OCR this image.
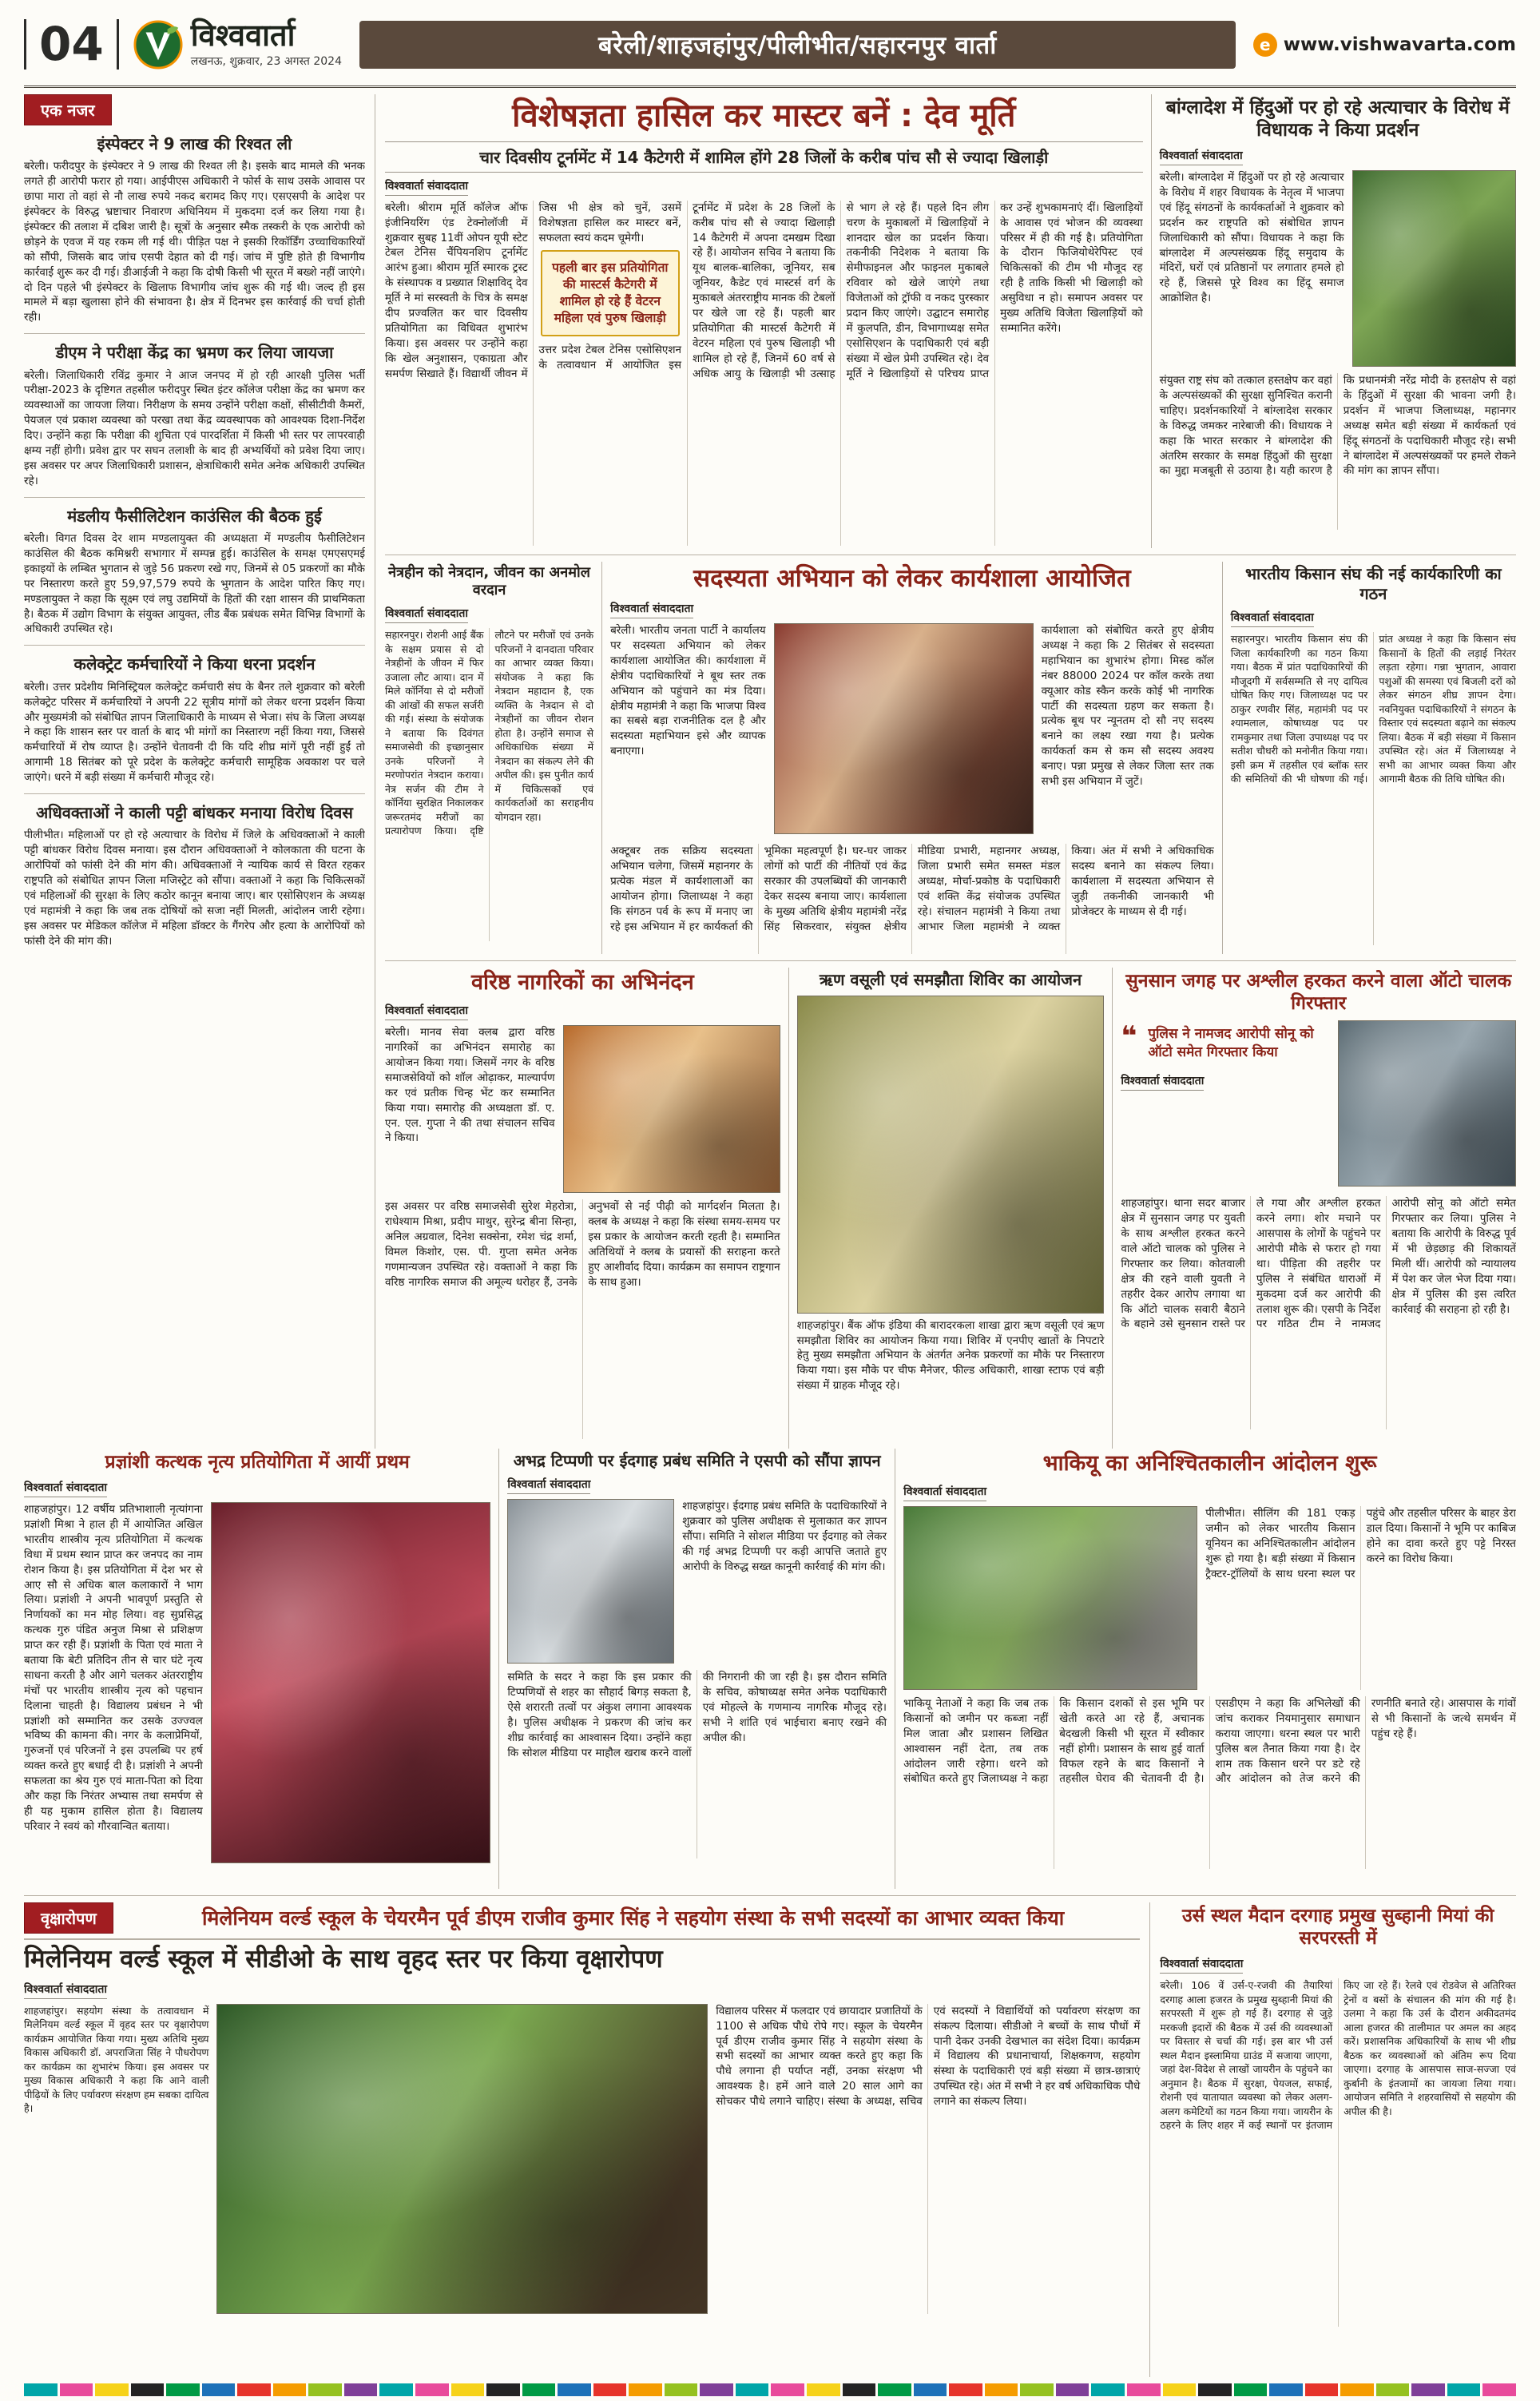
04	विश्ववार्ता
लखनऊ, शुक्रवार, 23 अगस्त 2024
बरेली/शाहजहांपुर/पीलीभीत/सहारनपुर वार्ता	e www.vishwavarta.com
एक नजर
इंस्पेक्टर ने 9 लाख की रिश्वत ली

बरेली। फरीदपुर के इंस्पेक्टर ने 9 लाख की रिश्वत ली है। इसके बाद मामले की भनक लगते ही आरोपी फरार हो गया। आईपीएस अधिकारी ने फोर्स के साथ उसके आवास पर छापा मारा तो वहां से नौ लाख रुपये नकद बरामद किए गए। एसएसपी के आदेश पर इंस्पेक्टर के विरुद्ध भ्रष्टाचार निवारण अधिनियम में मुकदमा दर्ज कर लिया गया है। इंस्पेक्टर की तलाश में दबिश जारी है। सूत्रों के अनुसार स्मैक तस्करी के एक आरोपी को छोड़ने के एवज में यह रकम ली गई थी। पीड़ित पक्ष ने इसकी रिकॉर्डिंग उच्चाधिकारियों को सौंपी, जिसके बाद जांच एसपी देहात को दी गई। जांच में पुष्टि होते ही विभागीय कार्रवाई शुरू कर दी गई। डीआईजी ने कहा कि दोषी किसी भी सूरत में बख्शे नहीं जाएंगे। दो दिन पहले भी इंस्पेक्टर के खिलाफ विभागीय जांच शुरू की गई थी। जल्द ही इस मामले में बड़ा खुलासा होने की संभावना है। क्षेत्र में दिनभर इस कार्रवाई की चर्चा होती रही।

डीएम ने परीक्षा केंद्र का भ्रमण कर लिया जायजा

बरेली। जिलाधिकारी रविंद्र कुमार ने आज जनपद में हो रही आरक्षी पुलिस भर्ती परीक्षा-2023 के दृष्टिगत तहसील फरीदपुर स्थित इंटर कॉलेज परीक्षा केंद्र का भ्रमण कर व्यवस्थाओं का जायजा लिया। निरीक्षण के समय उन्होंने परीक्षा कक्षों, सीसीटीवी कैमरों, पेयजल एवं प्रकाश व्यवस्था को परखा तथा केंद्र व्यवस्थापक को आवश्यक दिशा-निर्देश दिए। उन्होंने कहा कि परीक्षा की शुचिता एवं पारदर्शिता में किसी भी स्तर पर लापरवाही क्षम्य नहीं होगी। प्रवेश द्वार पर सघन तलाशी के बाद ही अभ्यर्थियों को प्रवेश दिया जाए। इस अवसर पर अपर जिलाधिकारी प्रशासन, क्षेत्राधिकारी समेत अनेक अधिकारी उपस्थित रहे।

मंडलीय फैसीलिटेशन काउंसिल की बैठक हुई

बरेली। विगत दिवस देर शाम मण्डलायुक्त की अध्यक्षता में मण्डलीय फैसीलिटेशन काउंसिल की बैठक कमिश्नरी सभागार में सम्पन्न हुई। काउंसिल के समक्ष एमएसएमई इकाइयों के लम्बित भुगतान से जुड़े 56 प्रकरण रखे गए, जिनमें से 05 प्रकरणों का मौके पर निस्तारण करते हुए 59,97,579 रुपये के भुगतान के आदेश पारित किए गए। मण्डलायुक्त ने कहा कि सूक्ष्म एवं लघु उद्यमियों के हितों की रक्षा शासन की प्राथमिकता है। बैठक में उद्योग विभाग के संयुक्त आयुक्त, लीड बैंक प्रबंधक समेत विभिन्न विभागों के अधिकारी उपस्थित रहे।

कलेक्ट्रेट कर्मचारियों ने किया धरना प्रदर्शन

बरेली। उत्तर प्रदेशीय मिनिस्ट्रियल कलेक्ट्रेट कर्मचारी संघ के बैनर तले शुक्रवार को बरेली कलेक्ट्रेट परिसर में कर्मचारियों ने अपनी 22 सूत्रीय मांगों को लेकर धरना प्रदर्शन किया और मुख्यमंत्री को संबोधित ज्ञापन जिलाधिकारी के माध्यम से भेजा। संघ के जिला अध्यक्ष ने कहा कि शासन स्तर पर वार्ता के बाद भी मांगों का निस्तारण नहीं किया गया, जिससे कर्मचारियों में रोष व्याप्त है। उन्होंने चेतावनी दी कि यदि शीघ्र मांगें पूरी नहीं हुईं तो आगामी 18 सितंबर को पूरे प्रदेश के कलेक्ट्रेट कर्मचारी सामूहिक अवकाश पर चले जाएंगे। धरने में बड़ी संख्या में कर्मचारी मौजूद रहे।

अधिवक्ताओं ने काली पट्टी बांधकर मनाया विरोध दिवस

पीलीभीत। महिलाओं पर हो रहे अत्याचार के विरोध में जिले के अधिवक्ताओं ने काली पट्टी बांधकर विरोध दिवस मनाया। इस दौरान अधिवक्ताओं ने कोलकाता की घटना के आरोपियों को फांसी देने की मांग की। अधिवक्ताओं ने न्यायिक कार्य से विरत रहकर राष्ट्रपति को संबोधित ज्ञापन जिला मजिस्ट्रेट को सौंपा। वक्ताओं ने कहा कि चिकित्सकों एवं महिलाओं की सुरक्षा के लिए कठोर कानून बनाया जाए। बार एसोसिएशन के अध्यक्ष एवं महामंत्री ने कहा कि जब तक दोषियों को सजा नहीं मिलती, आंदोलन जारी रहेगा। इस अवसर पर मेडिकल कॉलेज में महिला डॉक्टर के गैंगरेप और हत्या के आरोपियों को फांसी देने की मांग की।

विशेषज्ञता हासिल कर मास्टर बनें : देव मूर्ति
चार दिवसीय टूर्नामेंट में 14 कैटेगरी में शामिल होंगे 28 जिलों के करीब पांच सौ से ज्यादा खिलाड़ी
विश्ववार्ता संवाददाता
बरेली। श्रीराम मूर्ति कॉलेज ऑफ इंजीनियरिंग एंड टेक्नोलॉजी में शुक्रवार सुबह 11वीं ओपन यूपी स्टेट टेबल टेनिस चैंपियनशिप टूर्नामेंट आरंभ हुआ। श्रीराम मूर्ति स्मारक ट्रस्ट के संस्थापक व प्रख्यात शिक्षाविद् देव मूर्ति ने मां सरस्वती के चित्र के समक्ष दीप प्रज्वलित कर चार दिवसीय प्रतियोगिता का विधिवत शुभारंभ किया। इस अवसर पर उन्होंने कहा कि खेल अनुशासन, एकाग्रता और समर्पण सिखाते हैं। विद्यार्थी जीवन में जिस भी क्षेत्र को चुनें, उसमें विशेषज्ञता हासिल कर मास्टर बनें, सफलता स्वयं कदम चूमेगी।
पहली बार इस प्रतियोगिता की मास्टर्स कैटेगरी में शामिल हो रहे हैं वेटरन महिला एवं पुरुष खिलाड़ी
उत्तर प्रदेश टेबल टेनिस एसोसिएशन के तत्वावधान में आयोजित इस टूर्नामेंट में प्रदेश के 28 जिलों के करीब पांच सौ से ज्यादा खिलाड़ी 14 कैटेगरी में अपना दमखम दिखा रहे हैं। आयोजन सचिव ने बताया कि यूथ बालक-बालिका, जूनियर, सब जूनियर, कैडेट एवं मास्टर्स वर्ग के मुकाबले अंतरराष्ट्रीय मानक की टेबलों पर खेले जा रहे हैं। पहली बार प्रतियोगिता की मास्टर्स कैटेगरी में वेटरन महिला एवं पुरुष खिलाड़ी भी शामिल हो रहे हैं, जिनमें 60 वर्ष से अधिक आयु के खिलाड़ी भी उत्साह से भाग ले रहे हैं। पहले दिन लीग चरण के मुकाबलों में खिलाड़ियों ने शानदार खेल का प्रदर्शन किया। तकनीकी निदेशक ने बताया कि सेमीफाइनल और फाइनल मुकाबले रविवार को खेले जाएंगे तथा विजेताओं को ट्रॉफी व नकद पुरस्कार प्रदान किए जाएंगे। उद्घाटन समारोह में कुलपति, डीन, विभागाध्यक्ष समेत एसोसिएशन के पदाधिकारी एवं बड़ी संख्या में खेल प्रेमी उपस्थित रहे। देव मूर्ति ने खिलाड़ियों से परिचय प्राप्त कर उन्हें शुभकामनाएं दीं। खिलाड़ियों के आवास एवं भोजन की व्यवस्था परिसर में ही की गई है। प्रतियोगिता के दौरान फिजियोथेरेपिस्ट एवं चिकित्सकों की टीम भी मौजूद रह रही है ताकि किसी भी खिलाड़ी को असुविधा न हो। समापन अवसर पर मुख्य अतिथि विजेता खिलाड़ियों को सम्मानित करेंगे।
बांग्लादेश में हिंदुओं पर हो रहे अत्याचार के विरोध में विधायक ने किया प्रदर्शन
विश्ववार्ता संवाददाता

बरेली। बांग्लादेश में हिंदुओं पर हो रहे अत्याचार के विरोध में शहर विधायक के नेतृत्व में भाजपा एवं हिंदू संगठनों के कार्यकर्ताओं ने शुक्रवार को प्रदर्शन कर राष्ट्रपति को संबोधित ज्ञापन जिलाधिकारी को सौंपा। विधायक ने कहा कि बांग्लादेश में अल्पसंख्यक हिंदू समुदाय के मंदिरों, घरों एवं प्रतिष्ठानों पर लगातार हमले हो रहे हैं, जिससे पूरे विश्व का हिंदू समाज आक्रोशित है।

संयुक्त राष्ट्र संघ को तत्काल हस्तक्षेप कर वहां के अल्पसंख्यकों की सुरक्षा सुनिश्चित करानी चाहिए। प्रदर्शनकारियों ने बांग्लादेश सरकार के विरुद्ध जमकर नारेबाजी की। विधायक ने कहा कि भारत सरकार ने बांग्लादेश की अंतरिम सरकार के समक्ष हिंदुओं की सुरक्षा का मुद्दा मजबूती से उठाया है। यही कारण है कि प्रधानमंत्री नरेंद्र मोदी के हस्तक्षेप से वहां के हिंदुओं में सुरक्षा की भावना जगी है। प्रदर्शन में भाजपा जिलाध्यक्ष, महानगर अध्यक्ष समेत बड़ी संख्या में कार्यकर्ता एवं हिंदू संगठनों के पदाधिकारी मौजूद रहे। सभी ने बांग्लादेश में अल्पसंख्यकों पर हमले रोकने की मांग का ज्ञापन सौंपा।

नेत्रहीन को नेत्रदान, जीवन का अनमोल वरदान
विश्ववार्ता संवाददाता

सहारनपुर। रोशनी आई बैंक के सक्षम प्रयास से दो नेत्रहीनों के जीवन में फिर उजाला लौट आया। दान में मिले कॉर्निया से दो मरीजों की आंखों की सफल सर्जरी की गई। संस्था के संयोजक ने बताया कि दिवंगत समाजसेवी की इच्छानुसार उनके परिजनों ने मरणोपरांत नेत्रदान कराया। नेत्र सर्जन की टीम ने कॉर्निया सुरक्षित निकालकर जरूरतमंद मरीजों का प्रत्यारोपण किया। दृष्टि लौटने पर मरीजों एवं उनके परिजनों ने दानदाता परिवार का आभार व्यक्त किया। संयोजक ने कहा कि नेत्रदान महादान है, एक व्यक्ति के नेत्रदान से दो नेत्रहीनों का जीवन रोशन होता है। उन्होंने समाज से अधिकाधिक संख्या में नेत्रदान का संकल्प लेने की अपील की। इस पुनीत कार्य में चिकित्सकों एवं कार्यकर्ताओं का सराहनीय योगदान रहा।

सदस्यता अभियान को लेकर कार्यशाला आयोजित
विश्ववार्ता संवाददाता

बरेली। भारतीय जनता पार्टी ने कार्यालय पर सदस्यता अभियान को लेकर कार्यशाला आयोजित की। कार्यशाला में क्षेत्रीय पदाधिकारियों ने बूथ स्तर तक अभियान को पहुंचाने का मंत्र दिया। क्षेत्रीय महामंत्री ने कहा कि भाजपा विश्व का सबसे बड़ा राजनीतिक दल है और सदस्यता महाभियान इसे और व्यापक बनाएगा।

कार्यशाला को संबोधित करते हुए क्षेत्रीय अध्यक्ष ने कहा कि 2 सितंबर से सदस्यता महाभियान का शुभारंभ होगा। मिस्ड कॉल नंबर 88000 2024 पर कॉल करके तथा क्यूआर कोड स्कैन करके कोई भी नागरिक पार्टी की सदस्यता ग्रहण कर सकता है। प्रत्येक बूथ पर न्यूनतम दो सौ नए सदस्य बनाने का लक्ष्य रखा गया है। प्रत्येक कार्यकर्ता कम से कम सौ सदस्य अवश्य बनाए। पन्ना प्रमुख से लेकर जिला स्तर तक सभी इस अभियान में जुटें।

अक्टूबर तक सक्रिय सदस्यता अभियान चलेगा, जिसमें महानगर के प्रत्येक मंडल में कार्यशालाओं का आयोजन होगा। जिलाध्यक्ष ने कहा कि संगठन पर्व के रूप में मनाए जा रहे इस अभियान में हर कार्यकर्ता की भूमिका महत्वपूर्ण है। घर-घर जाकर लोगों को पार्टी की नीतियों एवं केंद्र सरकार की उपलब्धियों की जानकारी देकर सदस्य बनाया जाए। कार्यशाला के मुख्य अतिथि क्षेत्रीय महामंत्री नरेंद्र सिंह सिकरवार, संयुक्त क्षेत्रीय मीडिया प्रभारी, महानगर अध्यक्ष, जिला प्रभारी समेत समस्त मंडल अध्यक्ष, मोर्चा-प्रकोष्ठ के पदाधिकारी एवं शक्ति केंद्र संयोजक उपस्थित रहे। संचालन महामंत्री ने किया तथा आभार जिला महामंत्री ने व्यक्त किया। अंत में सभी ने अधिकाधिक सदस्य बनाने का संकल्प लिया। कार्यशाला में सदस्यता अभियान से जुड़ी तकनीकी जानकारी भी प्रोजेक्टर के माध्यम से दी गई।

भारतीय किसान संघ की नई कार्यकारिणी का गठन
विश्ववार्ता संवाददाता

सहारनपुर। भारतीय किसान संघ की जिला कार्यकारिणी का गठन किया गया। बैठक में प्रांत पदाधिकारियों की मौजूदगी में सर्वसम्मति से नए दायित्व घोषित किए गए। जिलाध्यक्ष पद पर ठाकुर रणवीर सिंह, महामंत्री पद पर श्यामलाल, कोषाध्यक्ष पद पर रामकुमार तथा जिला उपाध्यक्ष पद पर सतीश चौधरी को मनोनीत किया गया। इसी क्रम में तहसील एवं ब्लॉक स्तर की समितियों की भी घोषणा की गई। प्रांत अध्यक्ष ने कहा कि किसान संघ किसानों के हितों की लड़ाई निरंतर लड़ता रहेगा। गन्ना भुगतान, आवारा पशुओं की समस्या एवं बिजली दरों को लेकर संगठन शीघ्र ज्ञापन देगा। नवनियुक्त पदाधिकारियों ने संगठन के विस्तार एवं सदस्यता बढ़ाने का संकल्प लिया। बैठक में बड़ी संख्या में किसान उपस्थित रहे। अंत में जिलाध्यक्ष ने सभी का आभार व्यक्त किया और आगामी बैठक की तिथि घोषित की।

वरिष्ठ नागरिकों का अभिनंदन
विश्ववार्ता संवाददाता

बरेली। मानव सेवा क्लब द्वारा वरिष्ठ नागरिकों का अभिनंदन समारोह का आयोजन किया गया। जिसमें नगर के वरिष्ठ समाजसेवियों को शॉल ओढ़ाकर, माल्यार्पण कर एवं प्रतीक चिन्ह भेंट कर सम्मानित किया गया। समारोह की अध्यक्षता डॉ. ए. एन. एल. गुप्ता ने की तथा संचालन सचिव ने किया।

इस अवसर पर वरिष्ठ समाजसेवी सुरेश मेहरोत्रा, राधेश्याम मिश्रा, प्रदीप माथुर, सुरेन्द्र बीना सिन्हा, अनिल अग्रवाल, दिनेश सक्सेना, रमेश चंद्र शर्मा, विमल किशोर, एस. पी. गुप्ता समेत अनेक गणमान्यजन उपस्थित रहे। वक्ताओं ने कहा कि वरिष्ठ नागरिक समाज की अमूल्य धरोहर हैं, उनके अनुभवों से नई पीढ़ी को मार्गदर्शन मिलता है। क्लब के अध्यक्ष ने कहा कि संस्था समय-समय पर इस प्रकार के आयोजन करती रहती है। सम्मानित अतिथियों ने क्लब के प्रयासों की सराहना करते हुए आशीर्वाद दिया। कार्यक्रम का समापन राष्ट्रगान के साथ हुआ।

ऋण वसूली एवं समझौता शिविर का आयोजन

शाहजहांपुर। बैंक ऑफ इंडिया की बारादरकला शाखा द्वारा ऋण वसूली एवं ऋण समझौता शिविर का आयोजन किया गया। शिविर में एनपीए खातों के निपटारे हेतु मुख्य समझौता अभियान के अंतर्गत अनेक प्रकरणों का मौके पर निस्तारण किया गया। इस मौके पर चीफ मैनेजर, फील्ड अधिकारी, शाखा स्टाफ एवं बड़ी संख्या में ग्राहक मौजूद रहे।

सुनसान जगह पर अश्लील हरकत करने वाला ऑटो चालक गिरफ्तार
❝ पुलिस ने नामजद आरोपी सोनू को ऑटो समेत गिरफ्तार किया
विश्ववार्ता संवाददाता

शाहजहांपुर। थाना सदर बाजार क्षेत्र में सुनसान जगह पर युवती के साथ अश्लील हरकत करने वाले ऑटो चालक को पुलिस ने गिरफ्तार कर लिया। कोतवाली क्षेत्र की रहने वाली युवती ने तहरीर देकर आरोप लगाया था कि ऑटो चालक सवारी बैठाने के बहाने उसे सुनसान रास्ते पर ले गया और अश्लील हरकत करने लगा। शोर मचाने पर आसपास के लोगों के पहुंचने पर आरोपी मौके से फरार हो गया था। पीड़िता की तहरीर पर पुलिस ने संबंधित धाराओं में मुकदमा दर्ज कर आरोपी की तलाश शुरू की। एसपी के निर्देश पर गठित टीम ने नामजद आरोपी सोनू को ऑटो समेत गिरफ्तार कर लिया। पुलिस ने बताया कि आरोपी के विरुद्ध पूर्व में भी छेड़छाड़ की शिकायतें मिली थीं। आरोपी को न्यायालय में पेश कर जेल भेज दिया गया। क्षेत्र में पुलिस की इस त्वरित कार्रवाई की सराहना हो रही है।

प्रज्ञांशी कत्थक नृत्य प्रतियोगिता में आयीं प्रथम
विश्ववार्ता संवाददाता

शाहजहांपुर। 12 वर्षीय प्रतिभाशाली नृत्यांगना प्रज्ञांशी मिश्रा ने हाल ही में आयोजित अखिल भारतीय शास्त्रीय नृत्य प्रतियोगिता में कत्थक विधा में प्रथम स्थान प्राप्त कर जनपद का नाम रोशन किया है। इस प्रतियोगिता में देश भर से आए सौ से अधिक बाल कलाकारों ने भाग लिया। प्रज्ञांशी ने अपनी भावपूर्ण प्रस्तुति से निर्णायकों का मन मोह लिया। वह सुप्रसिद्ध कत्थक गुरु पंडित अनुज मिश्रा से प्रशिक्षण प्राप्त कर रही हैं। प्रज्ञांशी के पिता एवं माता ने बताया कि बेटी प्रतिदिन तीन से चार घंटे नृत्य साधना करती है और आगे चलकर अंतरराष्ट्रीय मंचों पर भारतीय शास्त्रीय नृत्य को पहचान दिलाना चाहती है। विद्यालय प्रबंधन ने भी प्रज्ञांशी को सम्मानित कर उसके उज्ज्वल भविष्य की कामना की। नगर के कलाप्रेमियों, गुरुजनों एवं परिजनों ने इस उपलब्धि पर हर्ष व्यक्त करते हुए बधाई दी है। प्रज्ञांशी ने अपनी सफलता का श्रेय गुरु एवं माता-पिता को दिया और कहा कि निरंतर अभ्यास तथा समर्पण से ही यह मुकाम हासिल होता है। विद्यालय परिवार ने स्वयं को गौरवान्वित बताया।

अभद्र टिप्पणी पर ईदगाह प्रबंध समिति ने एसपी को सौंपा ज्ञापन
विश्ववार्ता संवाददाता

शाहजहांपुर। ईदगाह प्रबंध समिति के पदाधिकारियों ने शुक्रवार को पुलिस अधीक्षक से मुलाकात कर ज्ञापन सौंपा। समिति ने सोशल मीडिया पर ईदगाह को लेकर की गई अभद्र टिप्पणी पर कड़ी आपत्ति जताते हुए आरोपी के विरुद्ध सख्त कानूनी कार्रवाई की मांग की।

समिति के सदर ने कहा कि इस प्रकार की टिप्पणियों से शहर का सौहार्द बिगड़ सकता है, ऐसे शरारती तत्वों पर अंकुश लगाना आवश्यक है। पुलिस अधीक्षक ने प्रकरण की जांच कर शीघ्र कार्रवाई का आश्वासन दिया। उन्होंने कहा कि सोशल मीडिया पर माहौल खराब करने वालों की निगरानी की जा रही है। इस दौरान समिति के सचिव, कोषाध्यक्ष समेत अनेक पदाधिकारी एवं मोहल्ले के गणमान्य नागरिक मौजूद रहे। सभी ने शांति एवं भाईचारा बनाए रखने की अपील की।

भाकियू का अनिश्चितकालीन आंदोलन शुरू
विश्ववार्ता संवाददाता

पीलीभीत। सीलिंग की 181 एकड़ जमीन को लेकर भारतीय किसान यूनियन का अनिश्चितकालीन आंदोलन शुरू हो गया है। बड़ी संख्या में किसान ट्रैक्टर-ट्रॉलियों के साथ धरना स्थल पर पहुंचे और तहसील परिसर के बाहर डेरा डाल दिया। किसानों ने भूमि पर काबिज होने का दावा करते हुए पट्टे निरस्त करने का विरोध किया।

भाकियू नेताओं ने कहा कि जब तक किसानों को जमीन पर कब्जा नहीं मिल जाता और प्रशासन लिखित आश्वासन नहीं देता, तब तक आंदोलन जारी रहेगा। धरने को संबोधित करते हुए जिलाध्यक्ष ने कहा कि किसान दशकों से इस भूमि पर खेती करते आ रहे हैं, अचानक बेदखली किसी भी सूरत में स्वीकार नहीं होगी। प्रशासन के साथ हुई वार्ता विफल रहने के बाद किसानों ने तहसील घेराव की चेतावनी दी है। एसडीएम ने कहा कि अभिलेखों की जांच कराकर नियमानुसार समाधान कराया जाएगा। धरना स्थल पर भारी पुलिस बल तैनात किया गया है। देर शाम तक किसान धरने पर डटे रहे और आंदोलन को तेज करने की रणनीति बनाते रहे। आसपास के गांवों से भी किसानों के जत्थे समर्थन में पहुंच रहे हैं।

वृक्षारोपण	मिलेनियम वर्ल्ड स्कूल के चेयरमैन पूर्व डीएम राजीव कुमार सिंह ने सहयोग संस्था के सभी सदस्यों का आभार व्यक्त किया
मिलेनियम वर्ल्ड स्कूल में सीडीओ के साथ वृहद स्तर पर किया वृक्षारोपण
विश्ववार्ता संवाददाता

शाहजहांपुर। सहयोग संस्था के तत्वावधान में मिलेनियम वर्ल्ड स्कूल में वृहद स्तर पर वृक्षारोपण कार्यक्रम आयोजित किया गया। मुख्य अतिथि मुख्य विकास अधिकारी डॉ. अपराजिता सिंह ने पौधरोपण कर कार्यक्रम का शुभारंभ किया। इस अवसर पर मुख्य विकास अधिकारी ने कहा कि आने वाली पीढ़ियों के लिए पर्यावरण संरक्षण हम सबका दायित्व है।

विद्यालय परिसर में फलदार एवं छायादार प्रजातियों के 1100 से अधिक पौधे रोपे गए। स्कूल के चेयरमैन पूर्व डीएम राजीव कुमार सिंह ने सहयोग संस्था के सभी सदस्यों का आभार व्यक्त करते हुए कहा कि पौधे लगाना ही पर्याप्त नहीं, उनका संरक्षण भी आवश्यक है। हमें आने वाले 20 साल आगे का सोचकर पौधे लगाने चाहिए। संस्था के अध्यक्ष, सचिव एवं सदस्यों ने विद्यार्थियों को पर्यावरण संरक्षण का संकल्प दिलाया। सीडीओ ने बच्चों के साथ पौधों में पानी देकर उनकी देखभाल का संदेश दिया। कार्यक्रम में विद्यालय की प्रधानाचार्या, शिक्षकगण, सहयोग संस्था के पदाधिकारी एवं बड़ी संख्या में छात्र-छात्राएं उपस्थित रहे। अंत में सभी ने हर वर्ष अधिकाधिक पौधे लगाने का संकल्प लिया।

उर्स स्थल मैदान दरगाह प्रमुख सुब्हानी मियां की सरपरस्ती में
विश्ववार्ता संवाददाता

बरेली। 106 वें उर्स-ए-रजवी की तैयारियां दरगाह आला हजरत के प्रमुख सुब्हानी मियां की सरपरस्ती में शुरू हो गई हैं। दरगाह से जुड़े मरकजी इदारों की बैठक में उर्स की व्यवस्थाओं पर विस्तार से चर्चा की गई। इस बार भी उर्स स्थल मैदान इस्लामिया ग्राउंड में सजाया जाएगा, जहां देश-विदेश से लाखों जायरीन के पहुंचने का अनुमान है। बैठक में सुरक्षा, पेयजल, सफाई, रोशनी एवं यातायात व्यवस्था को लेकर अलग-अलग कमेटियों का गठन किया गया। जायरीन के ठहरने के लिए शहर में कई स्थानों पर इंतजाम किए जा रहे हैं। रेलवे एवं रोडवेज से अतिरिक्त ट्रेनों व बसों के संचालन की मांग की गई है। उलमा ने कहा कि उर्स के दौरान अकीदतमंद आला हजरत की तालीमात पर अमल का अहद करें। प्रशासनिक अधिकारियों के साथ भी शीघ्र बैठक कर व्यवस्थाओं को अंतिम रूप दिया जाएगा। दरगाह के आसपास साज-सज्जा एवं कुर्बानी के इंतजामों का जायजा लिया गया। आयोजन समिति ने शहरवासियों से सहयोग की अपील की है।
